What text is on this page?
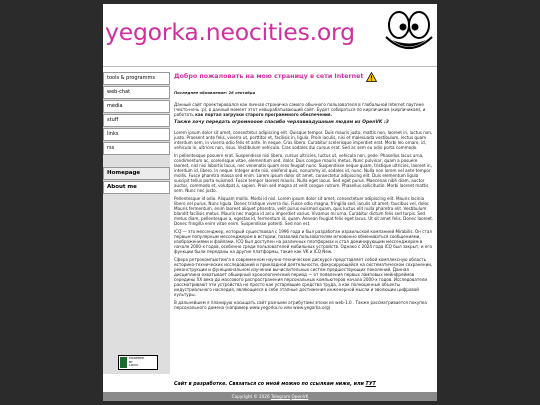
yegorka.neocities.org
tools & programms
web-chat
media
stuff
links
rss
Homepage
About me
POWERED
BY
LINUX
Добро пожаловать на мою страницу в сети Internet
Последнее обновление: 26 сентября

Данный сайт проектировался как личная страничка самого обычного пользователя в глобальной Internet паутине (чисто-ночь :р), в данный момент этот невырабатывающий сайт. Будет собираться по кирпичикам (кирпичикам), и работать как портал загрузки старого программного обеспечения.

Также хочу передать огромнооое спасибо черлавиадушным людям из OpenVK :3

Lorem ipsum dolor sit amet, consectetur adipiscing elit. Quisque tempor. Duis mauris justo, mattis non, laoreet in, luctus non, justo. Praesent ante felis, viverra ut, porttitor et, facilisis in, ligula. Proin iaculis, nisi et malesuada vestibulum, lectus quam interdum sem, in viverra odio felis et ante. In neque. Cras libero. Curabitur scelerisque imperdiet erat. Morbi leo ornare, id, vehicula in, ultrices non, risus. Vestibulum vehicula. Cras sodales dui cursus erat. Sed ac sem eu odio porta commodo.

In pellentesque posuere erat. Suspendisse nisi libero, cursus ultricies, luctus ut, vehicula non, pede. Phasellus lacus urna, condimentum ac, scelerisque vitae, elementum sed, dolor. Duis congue mauris metus. Nunc pulvinar, quam a posuere laoreet, nisl nisi lobortis lacus, nec venenatis quam eros feugiat nunc. Suspendisse neque quam, tristique ultricies, laoreet in, interdum id, libero. In neque. Integer ante nisi, eleifend quis, nonummy id, sodales id, nunc. Nulla non lorem vel ante tempor mollis. Fusce pharetra massa sed enim. Lorem ipsum dolor sit amet, consectetur adipiscing elit. Duis elementum ligula suscipit tellus porta euismod. Fusce tempor laoreet mauris. Nulla eget lacus. Sed eget purus. Maecenas nibh diam, auctor auctor, commodo et, volutpat a, sapien. Proin sed magna at velit congue rutrum. Phasellus sollicitudin. Morbi laoreet mattis sem. Nunc nec justo.

Pellentesque id odio. Aliquam mollis. Morbi id nisl. Lorem ipsum dolor sit amet, consectetuer adipiscing elit. Mauris lacinia libero vel purus. Nunc ligula. Donec tristique viverra dui. Fusce odio magna, fringilla sed, iaculis sit amet, faucibus vel, dolor. Mauris fermentum, enim laoreet aliquet pharetra, velit purus euismod quam, quis luctus elit nulla pharetra elit. Vestibulum blandit facilisis metus. Mauris nec magna id arcu imperdiet varius. Vivamus mi urna, Curabitur dictum felis sed turpis. Sed metus diam, pellentesque a, egestas id, fermentum id, quam. Aenean feugiat felis eget lacus. Ut sit amet felis. Donec laoreet. Donec fringilla enim vitae enim. Suspendisse potenti. Sed non est.

ICQ — это мессенджер, который существовал с 1996 года и был разработан израильской компанией Mirabilis. Он стал первым популярным мессенджером в истории, позволив пользователям мгновенно обмениваться сообщениями, изображениями и файлами. ICQ был доступен на различных платформах и стал доминирующим мессенджером в начале 2000-х годов, особенно среди пользователей мобильных устройств. Однако с 2024 года ICQ был закрыт, и его функции были переданы на другие платформы, такие как VK и ICQ New.

Сфера ретрокомпьютинга в современном научно-техническом дискурсе представляет собой комплексную область историко-технических исследований и прикладной деятельности, фокусирующейся на систематическом сохранении, реконструкции и функциональном изучении вычислительных систем предшествующих поколений. Данная дисциплина охватывает обширный хронологический период — от появления первых ламповых мейнфреймов середины XX века до массового распространения персональных компьютеров начала 2000-х годов. Исследователи рассматривают эти устройства не просто как устаревшие средства труда, а как полноценные объекты индустриального наследия, являющиеся в себе этапные достижения инженерной мысли и эволюции цифровой культуры.

В дальнейшем я планирую насыщать сайт разными атрибутами эпохи из web-1.0 . Также рассматривается покупка персонального домена (например www.yegorka.ru или www.yegorka.org)

Сайт в разработке. Связаться со мной можно по ссылкам ниже, или ТУТ
Copyright © 2026 Telegram OpenVK
